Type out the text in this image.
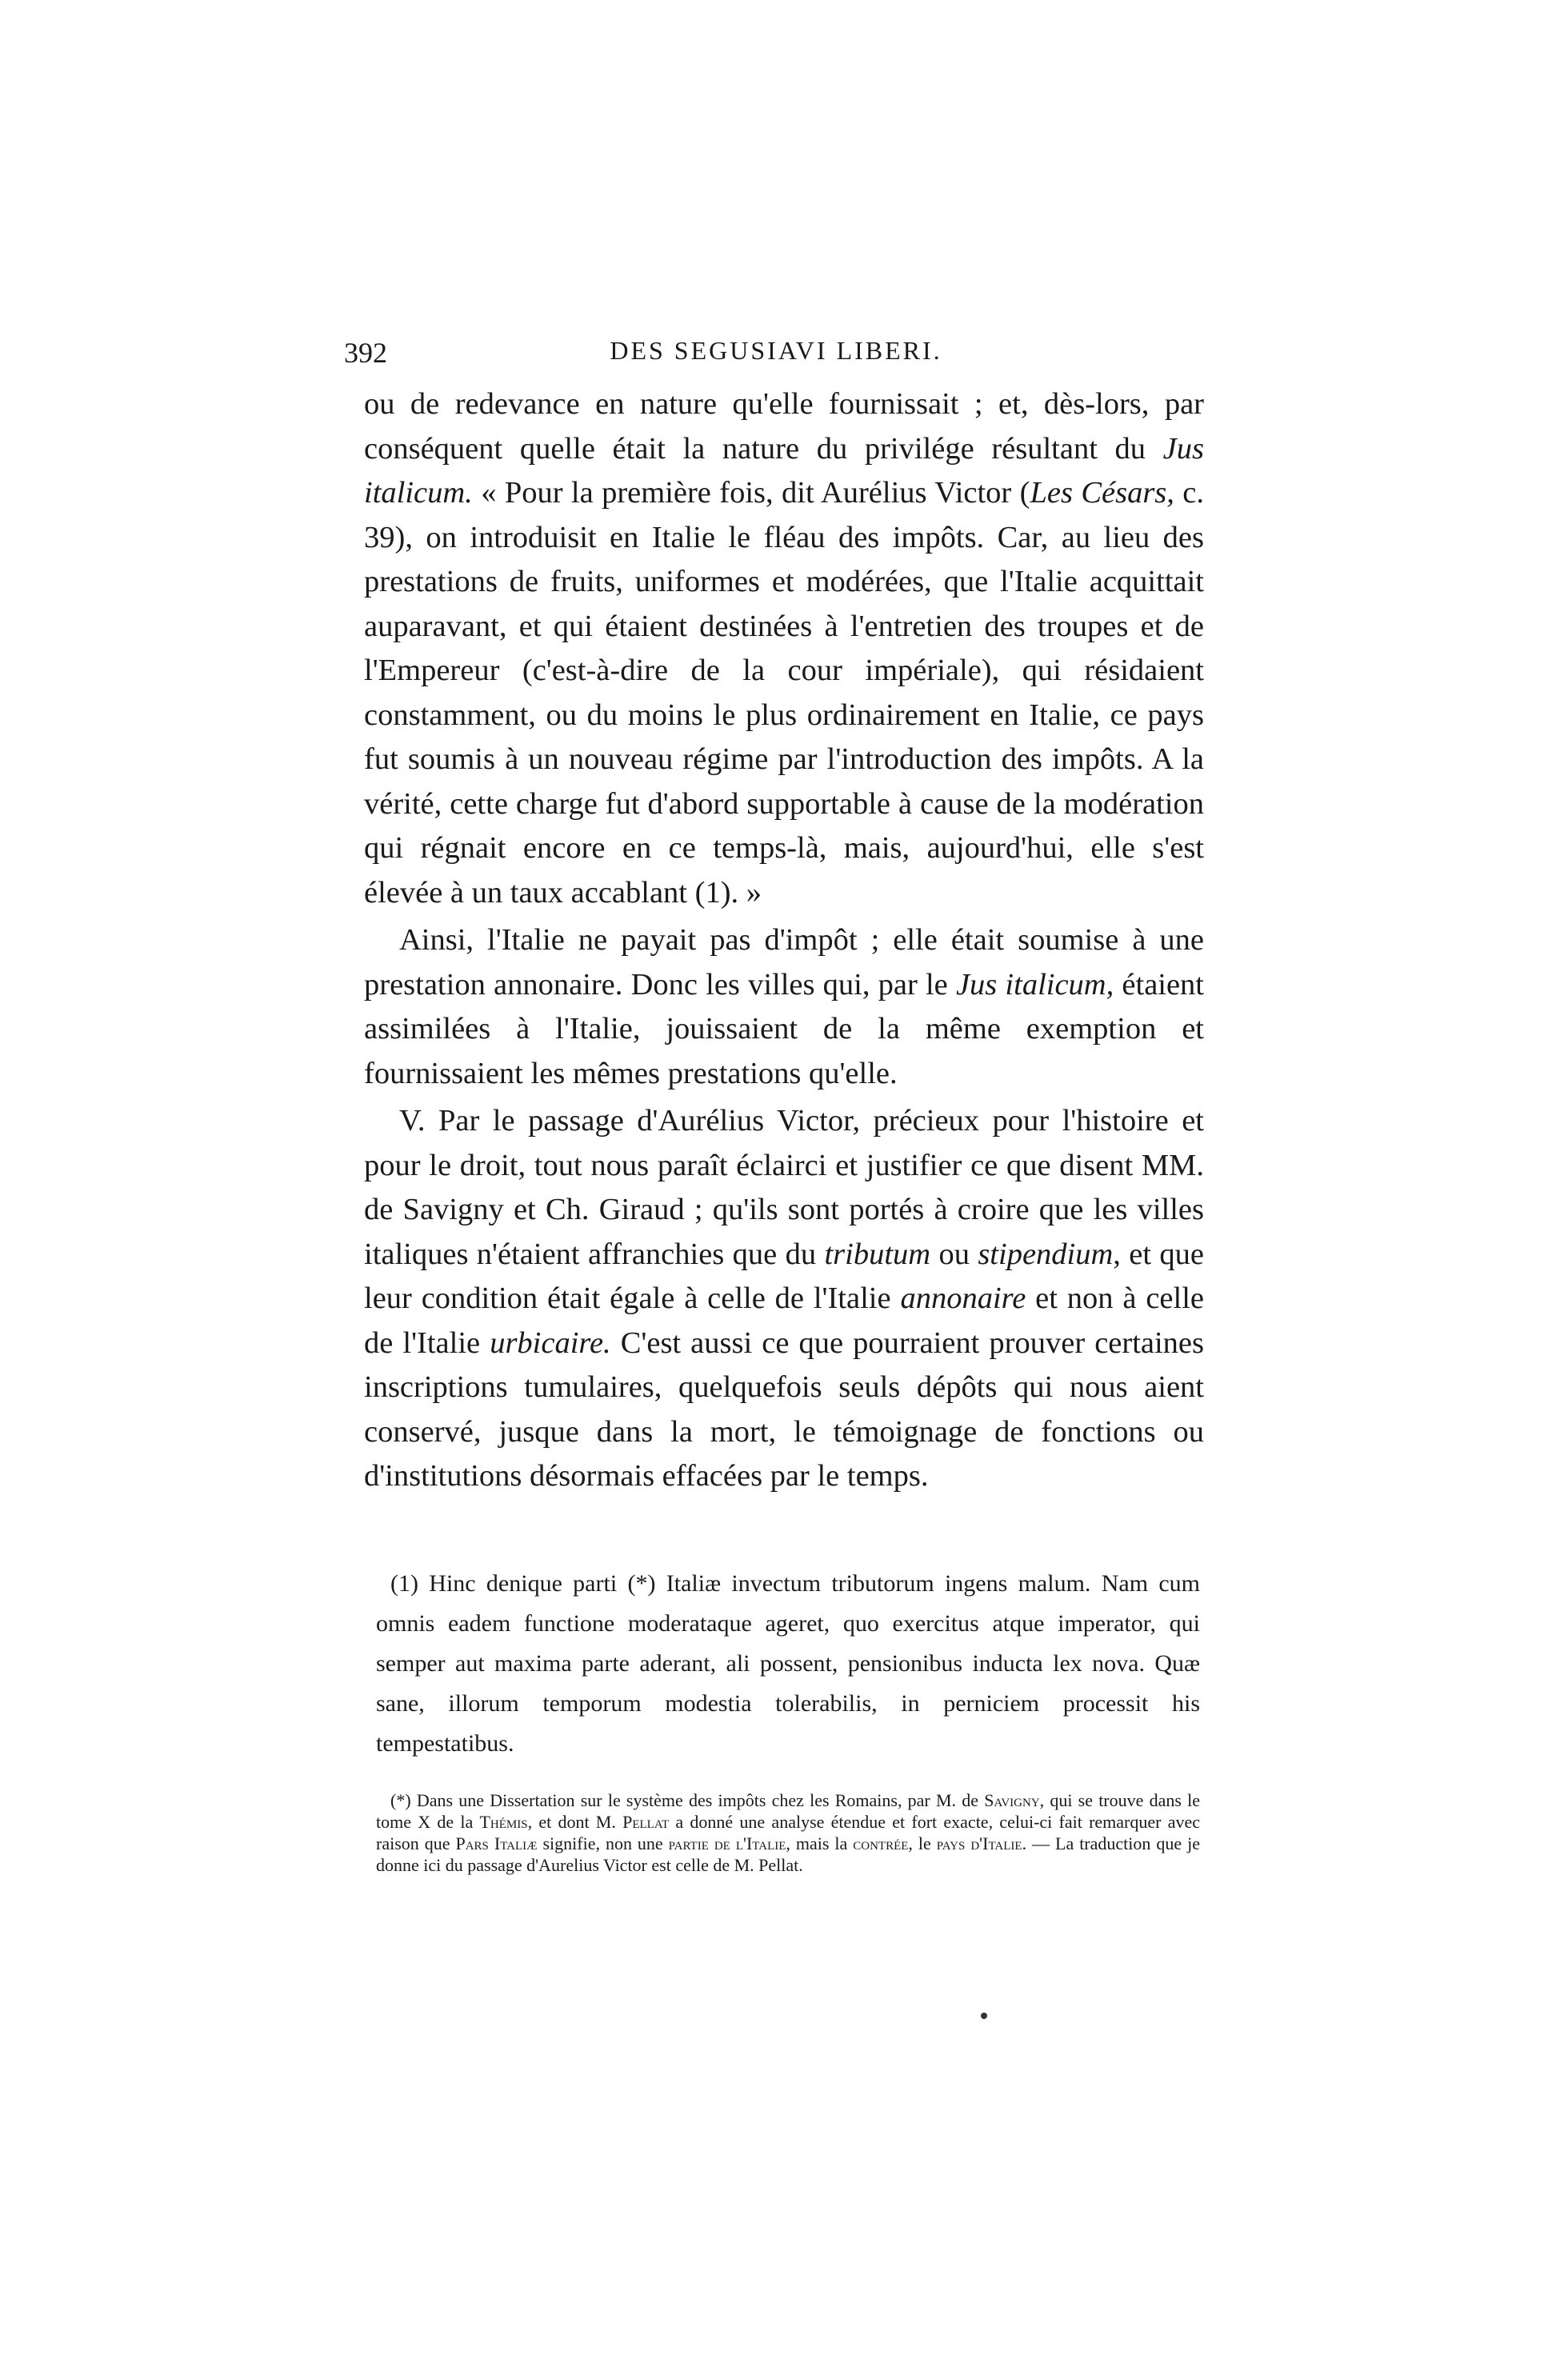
392	DES SEGUSIAVI LIBERI.

ou de redevance en nature qu'elle fournissait ; et, dès-lors, par conséquent quelle était la nature du privilége résultant du Jus italicum. « Pour la première fois, dit Aurélius Victor (Les Césars, c. 39), on introduisit en Italie le fléau des impôts. Car, au lieu des prestations de fruits, uniformes et modérées, que l'Italie acquittait auparavant, et qui étaient destinées à l'entretien des troupes et de l'Empereur (c'est-à-dire de la cour impériale), qui résidaient constamment, ou du moins le plus ordinairement en Italie, ce pays fut soumis à un nouveau régime par l'introduction des impôts. A la vérité, cette charge fut d'abord supportable à cause de la modération qui régnait encore en ce temps-là, mais, aujourd'hui, elle s'est élevée à un taux accablant (1). »

Ainsi, l'Italie ne payait pas d'impôt ; elle était soumise à une prestation annonaire. Donc les villes qui, par le Jus italicum, étaient assimilées à l'Italie, jouissaient de la même exemption et fournissaient les mêmes prestations qu'elle.

V. Par le passage d'Aurélius Victor, précieux pour l'histoire et pour le droit, tout nous paraît éclairci et justifier ce que disent MM. de Savigny et Ch. Giraud ; qu'ils sont portés à croire que les villes italiques n'étaient affranchies que du tributum ou stipendium, et que leur condition était égale à celle de l'Italie annonaire et non à celle de l'Italie urbicaire. C'est aussi ce que pourraient prouver certaines inscriptions tumulaires, quelquefois seuls dépôts qui nous aient conservé, jusque dans la mort, le témoignage de fonctions ou d'institutions désormais effacées par le temps.

(1) Hinc denique parti (*) Italiæ invectum tributorum ingens malum. Nam cum omnis eadem functione moderataque ageret, quo exercitus atque imperator, qui semper aut maxima parte aderant, ali possent, pensionibus inducta lex nova. Quæ sane, illorum temporum modestia tolerabilis, in perniciem processit his tempestatibus.

(*) Dans une Dissertation sur le système des impôts chez les Romains, par M. de Savigny, qui se trouve dans le tome X de la Thémis, et dont M. Pellat a donné une analyse étendue et fort exacte, celui-ci fait remarquer avec raison que Pars Italiæ signifie, non une partie de l'Italie, mais la contrée, le pays d'Italie. — La traduction que je donne ici du passage d'Aurelius Victor est celle de M. Pellat.
